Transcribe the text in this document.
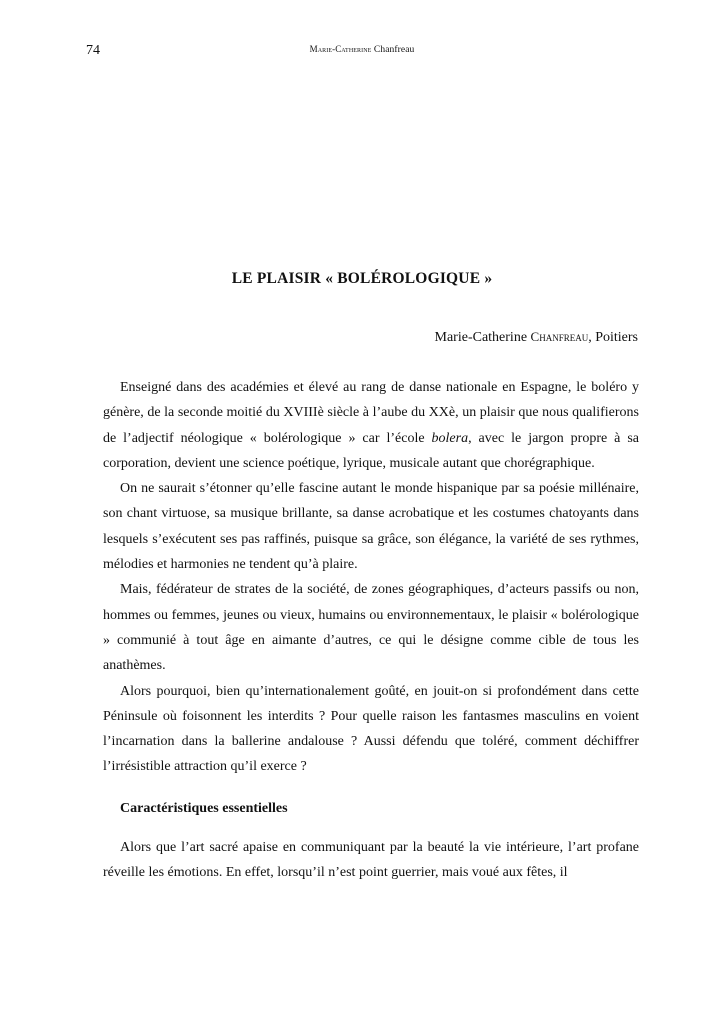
74	Marie-Catherine Chanfreau
LE PLAISIR « BOLÉROLOGIQUE »
Marie-Catherine Chanfreau, Poitiers

Enseigné dans des académies et élevé au rang de danse nationale en Espagne, le boléro y génère, de la seconde moitié du XVIIIè siècle à l’aube du XXè, un plaisir que nous qualifierons de l’adjectif néologique « bolérologique » car l’école bolera, avec le jargon propre à sa corporation, devient une science poétique, lyrique, musicale autant que chorégraphique.

On ne saurait s’étonner qu’elle fascine autant le monde hispanique par sa poésie millénaire, son chant virtuose, sa musique brillante, sa danse acrobatique et les costumes chatoyants dans lesquels s’exécutent ses pas raffinés, puisque sa grâce, son élégance, la variété de ses rythmes, mélodies et harmonies ne tendent qu’à plaire.

Mais, fédérateur de strates de la société, de zones géographiques, d’acteurs passifs ou non, hommes ou femmes, jeunes ou vieux, humains ou environnementaux, le plaisir « bolérologique » communié à tout âge en aimante d’autres, ce qui le désigne comme cible de tous les anathèmes.

Alors pourquoi, bien qu’internationalement goûté, en jouit-on si profondément dans cette Péninsule où foisonnent les interdits ? Pour quelle raison les fantasmes masculins en voient l’incarnation dans la ballerine andalouse ? Aussi défendu que toléré, comment déchiffrer l’irrésistible attraction qu’il exerce ?

Caractéristiques essentielles

Alors que l’art sacré apaise en communiquant par la beauté la vie intérieure, l’art profane réveille les émotions. En effet, lorsqu’il n’est point guerrier, mais voué aux fêtes, il
